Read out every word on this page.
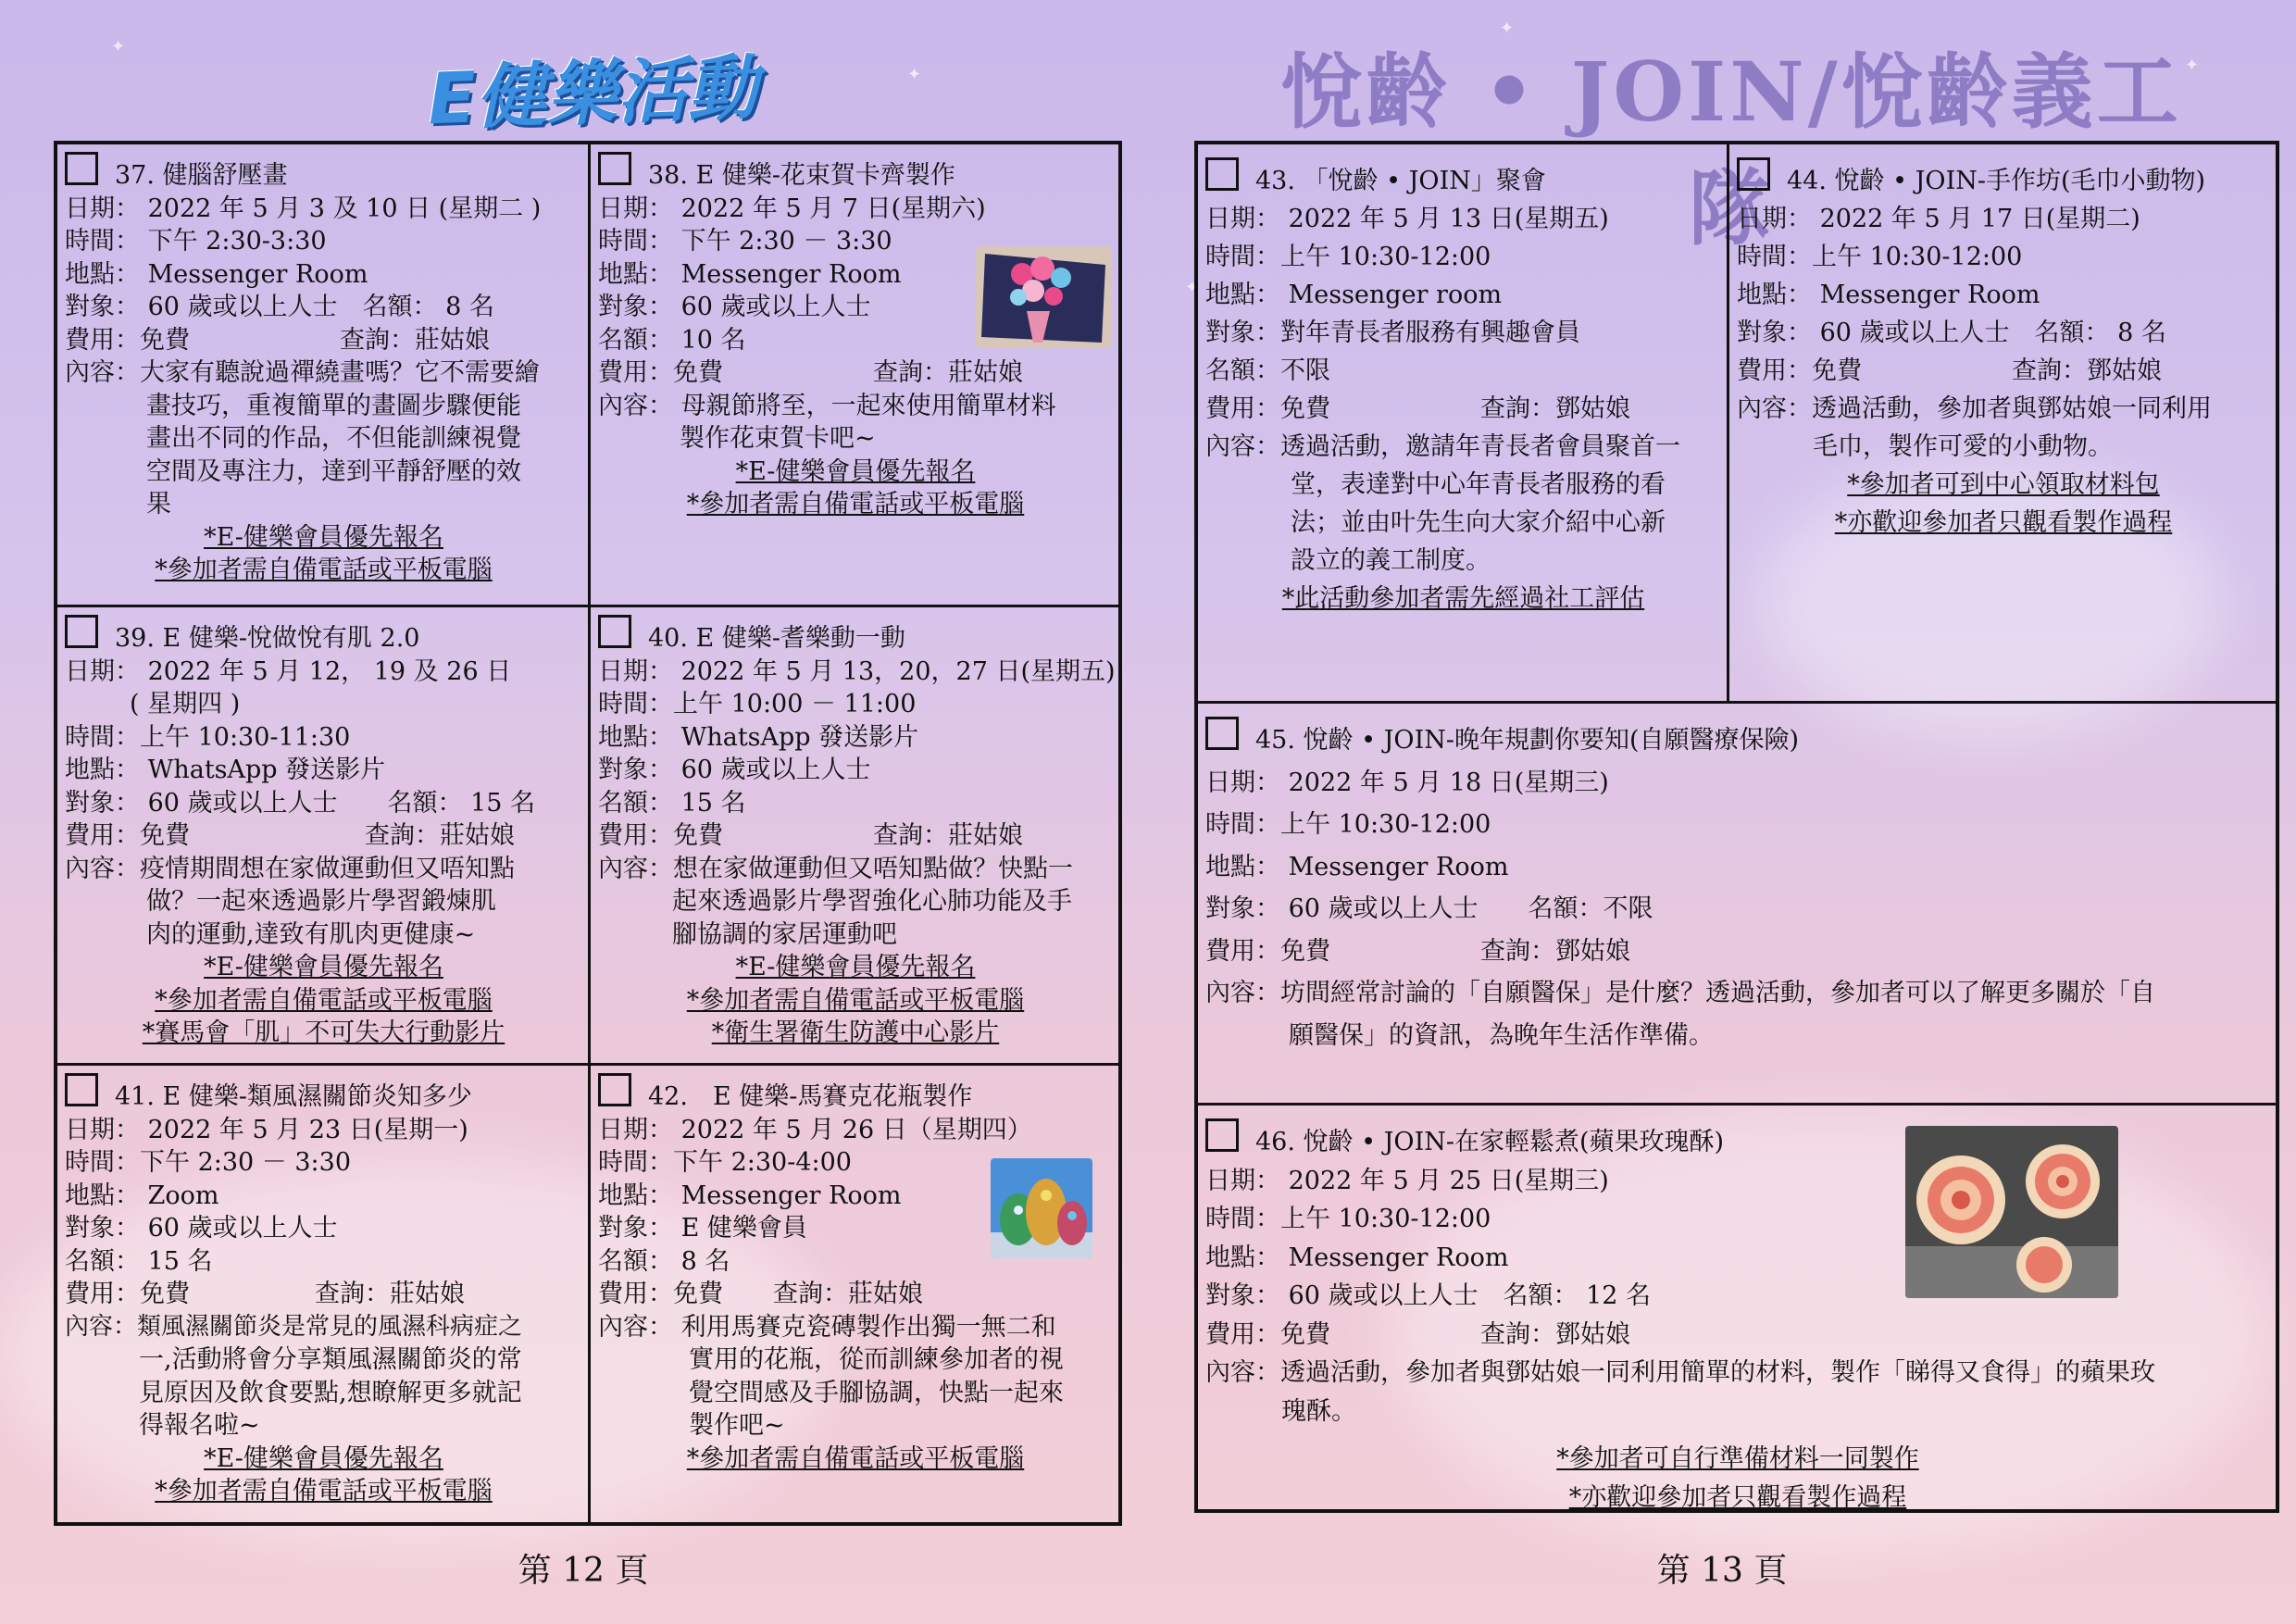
✦
✦
✦
✦
✦
E健樂活動
37. 健腦舒壓畫
日期： 2022 年 5 月 3 及 10 日 (星期二 )
時間： 下午 2:30-3:30
地點： Messenger Room
對象： 60 歲或以上人士　名額： 8 名
費用：免費　　　　　　查詢：莊姑娘
內容：大家有聽說過禪繞畫嗎？它不需要繪
畫技巧，重複簡單的畫圖步驟便能
畫出不同的作品，不但能訓練視覺
空間及專注力，達到平靜舒壓的效
果
*E-健樂會員優先報名
*參加者需自備電話或平板電腦
38. E 健樂-花束賀卡齊製作
日期： 2022 年 5 月 7 日(星期六)
時間： 下午 2:30 － 3:30
地點： Messenger Room
對象： 60 歲或以上人士
名額： 10 名
費用：免費　　　　　　查詢：莊姑娘
內容： 母親節將至，一起來使用簡單材料
製作花束賀卡吧~
*E-健樂會員優先報名
*參加者需自備電話或平板電腦
39. E 健樂-悅做悅有肌 2.0
日期： 2022 年 5 月 12， 19 及 26 日
( 星期四 )
時間：上午 10:30-11:30
地點： WhatsApp 發送影片
對象： 60 歲或以上人士　　名額： 15 名
費用：免費　　　　　　　查詢：莊姑娘
內容：疫情期間想在家做運動但又唔知點
做？一起來透過影片學習鍛煉肌
肉的運動,達致有肌肉更健康~
*E-健樂會員優先報名
*參加者需自備電話或平板電腦
*賽馬會「肌」不可失大行動影片
40. E 健樂-耆樂動一動
日期： 2022 年 5 月 13，20，27 日(星期五)
時間：上午 10:00 － 11:00
地點： WhatsApp 發送影片
對象： 60 歲或以上人士
名額： 15 名
費用：免費　　　　　　查詢：莊姑娘
內容：想在家做運動但又唔知點做？快點一
起來透過影片學習強化心肺功能及手
腳協調的家居運動吧
*E-健樂會員優先報名
*參加者需自備電話或平板電腦
*衛生署衛生防護中心影片
41. E 健樂-類風濕關節炎知多少
日期： 2022 年 5 月 23 日(星期一)
時間：下午 2:30 － 3:30
地點： Zoom
對象： 60 歲或以上人士
名額： 15 名
費用：免費　　　　　查詢：莊姑娘
內容：類風濕關節炎是常見的風濕科病症之
一,活動將會分享類風濕關節炎的常
見原因及飲食要點,想瞭解更多就記
得報名啦~
*E-健樂會員優先報名
*參加者需自備電話或平板電腦
42.　E 健樂-馬賽克花瓶製作
日期： 2022 年 5 月 26 日（星期四）
時間：下午 2:30-4:00
地點： Messenger Room
對象： E 健樂會員
名額： 8 名
費用：免費　　查詢：莊姑娘
內容： 利用馬賽克瓷磚製作出獨一無二和
實用的花瓶，從而訓練參加者的視
覺空間感及手腳協調，快點一起來
製作吧~
*參加者需自備電話或平板電腦
第 12 頁
悅齡 • JOIN/悅齡義工隊
43. 「悅齡 • JOIN」聚會
日期： 2022 年 5 月 13 日(星期五)
時間：上午 10:30-12:00
地點： Messenger room
對象：對年青長者服務有興趣會員
名額：不限
費用：免費　　　　　　查詢：鄧姑娘
內容：透過活動，邀請年青長者會員聚首一
堂，表達對中心年青長者服務的看
法；並由叶先生向大家介紹中心新
設立的義工制度。
*此活動參加者需先經過社工評估
44. 悅齡 • JOIN-手作坊(毛巾小動物)
日期： 2022 年 5 月 17 日(星期二)
時間：上午 10:30-12:00
地點： Messenger Room
對象： 60 歲或以上人士　名額： 8 名
費用：免費　　　　　　查詢：鄧姑娘
內容：透過活動，參加者與鄧姑娘一同利用
毛巾，製作可愛的小動物。
*參加者可到中心領取材料包
*亦歡迎參加者只觀看製作過程
45. 悅齡 • JOIN-晚年規劃你要知(自願醫療保險)
日期： 2022 年 5 月 18 日(星期三)
時間：上午 10:30-12:00
地點： Messenger Room
對象： 60 歲或以上人士　　名額：不限
費用：免費　　　　　　查詢：鄧姑娘
內容：坊間經常討論的「自願醫保」是什麼？透過活動，參加者可以了解更多關於「自
願醫保」的資訊，為晚年生活作準備。
46. 悅齡 • JOIN-在家輕鬆煮(蘋果玫瑰酥)
日期： 2022 年 5 月 25 日(星期三)
時間：上午 10:30-12:00
地點： Messenger Room
對象： 60 歲或以上人士　名額： 12 名
費用：免費　　　　　　查詢：鄧姑娘
內容：透過活動，參加者與鄧姑娘一同利用簡單的材料，製作「睇得又食得」的蘋果玫
瑰酥。
*參加者可自行準備材料一同製作
*亦歡迎參加者只觀看製作過程
第 13 頁
